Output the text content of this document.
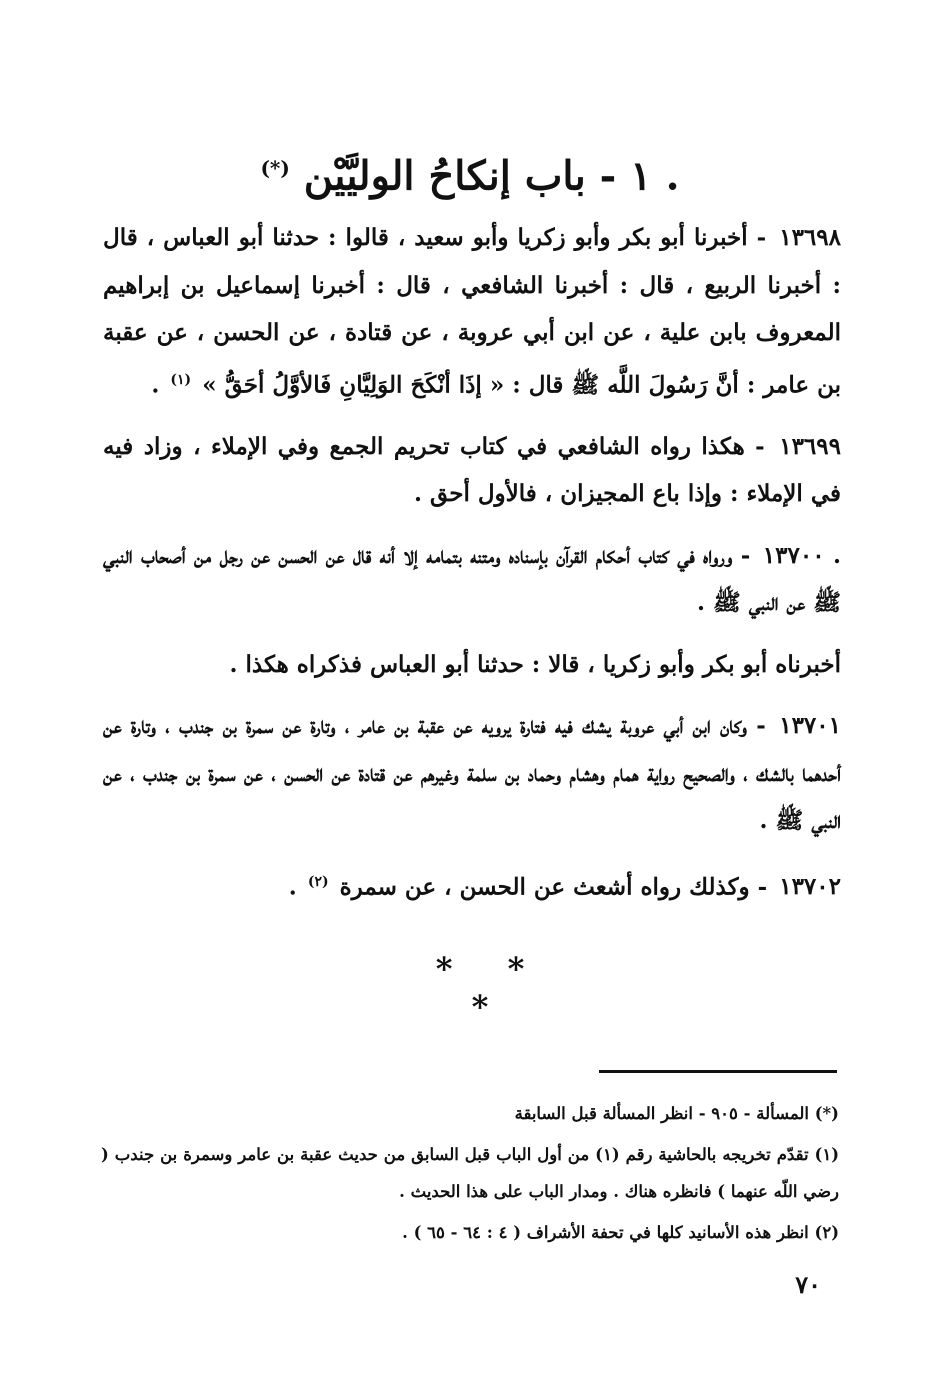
. ١ - باب إنكاحُ الوليَّيْن (*)

١٣٦٩٨ - أخبرنا أبو بكر وأبو زكريا وأبو سعيد ، قالوا : حدثنا أبو العباس ، قال : أخبرنا الربيع ، قال : أخبرنا الشافعي ، قال : أخبرنا إسماعيل بن إبراهيم المعروف بابن علية ، عن ابن أبي عروبة ، عن قتادة ، عن الحسن ، عن عقبة بن عامر : أنَّ رَسُولَ اللَّه ﷺ قال : « إذَا أنْكَحَ الوَلِيَّانِ فَالأوَّلُ أحَقُّ » $^{(١)}$ .

١٣٦٩٩ - هكذا رواه الشافعي في كتاب تحريم الجمع وفي الإملاء ، وزاد فيه في الإملاء : وإذا باع المجيزان ، فالأول أحق .

. ١٣٧٠٠ - ورواه في كتاب أحكام القرآن بإسناده ومتنه بتمامه إلا أنه قال عن الحسن عن رجل من أصحاب النبي ﷺ عن النبي ﷺ .

أخبرناه أبو بكر وأبو زكريا ، قالا : حدثنا أبو العباس فذكراه هكذا .

١٣٧٠١ - وكان ابن أبي عروبة يشك فيه فتارة يرويه عن عقبة بن عامر ، وتارة عن سمرة بن جندب ، وتارة عن أحدهما بالشك ، والصحيح رواية همام وهشام وحماد بن سلمة وغيرهم عن قتادة عن الحسن ، عن سمرة بن جندب ، عن النبي ﷺ .

١٣٧٠٢ - وكذلك رواه أشعث عن الحسن ، عن سمرة $^{(٢)}$ .

* * *

(*) المسألة - ٩٠٥ - انظر المسألة قبل السابقة

(١) تقدّم تخريجه بالحاشية رقم (١) من أول الباب قبل السابق من حديث عقبة بن عامر وسمرة بن جندب ( رضي اللّه عنهما ) فانظره هناك . ومدار الباب على هذا الحديث .

(٢) انظر هذه الأسانيد كلها في تحفة الأشراف ( ٤ : ٦٤ - ٦٥ ) .

٧٠
